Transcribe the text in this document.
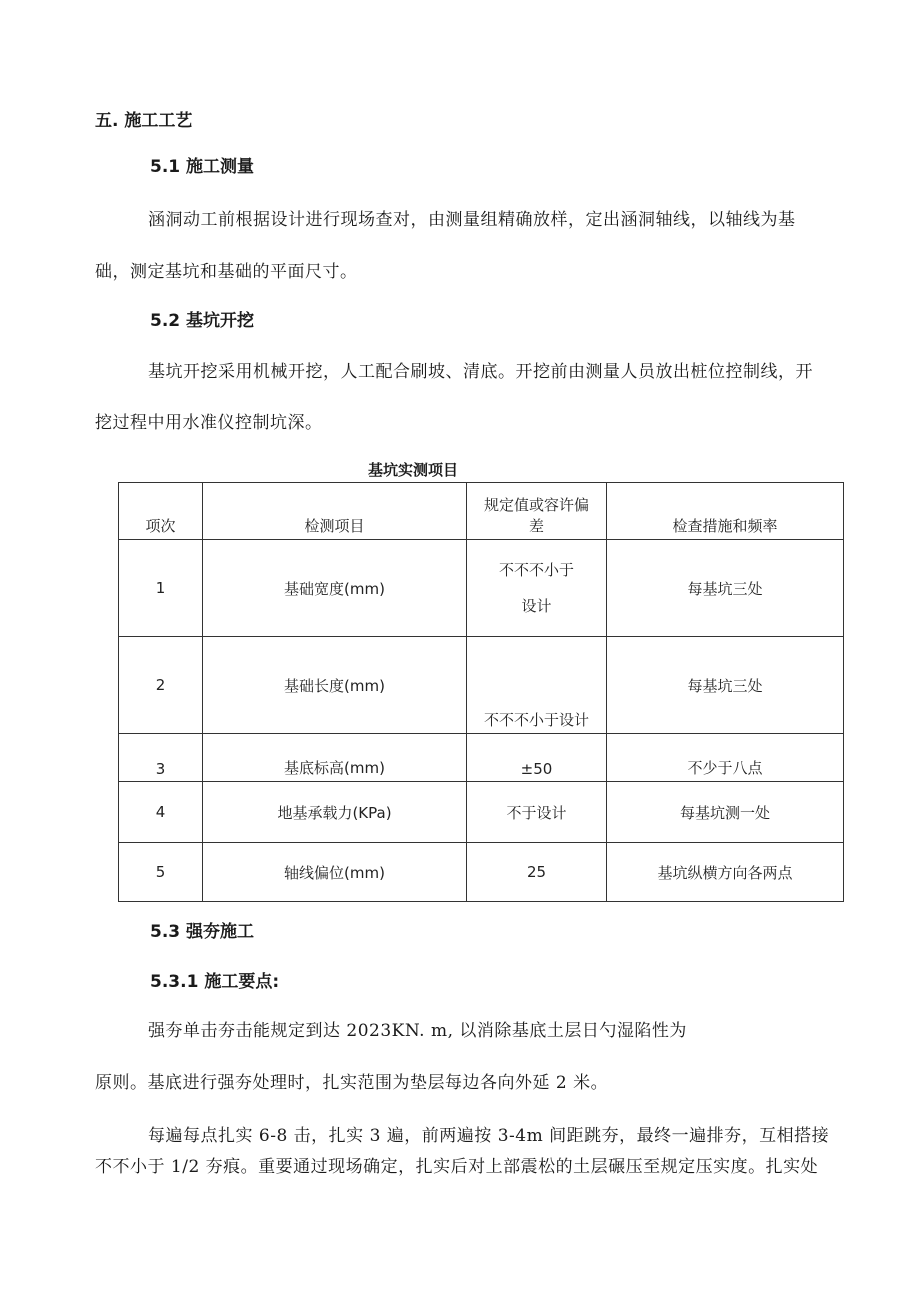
五. 施工工艺
5.1 施工测量
涵洞动工前根据设计进行现场查对，由测量组精确放样，定出涵洞轴线，以轴线为基
础，测定基坑和基础的平面尺寸。
5.2 基坑开挖
基坑开挖采用机械开挖，人工配合刷坡、清底。开挖前由测量人员放出桩位控制线，开
挖过程中用水准仪控制坑深。
基坑实测项目
项次	检测项目	规定值或容许偏
差	检查措施和频率
1	基础宽度(mm)	不不不小于
设计	每基坑三处
2	基础长度(mm)	不不不小于设计	每基坑三处
3	基底标高(mm)	±50	不少于八点
4	地基承载力(KPa)	不于设计	每基坑测一处
5	轴线偏位(mm)	25	基坑纵横方向各两点
5.3 强夯施工
5.3.1 施工要点:
强夯单击夯击能规定到达 2023KN. m, 以消除基底土层日勺湿陷性为
原则。基底进行强夯处理时，扎实范围为垫层每边各向外延 2 米。
每遍每点扎实 6-8 击，扎实 3 遍，前两遍按 3-4m 间距跳夯，最终一遍排夯，互相搭接
不不小于 1/2 夯痕。重要通过现场确定，扎实后对上部震松的土层碾压至规定压实度。扎实处
